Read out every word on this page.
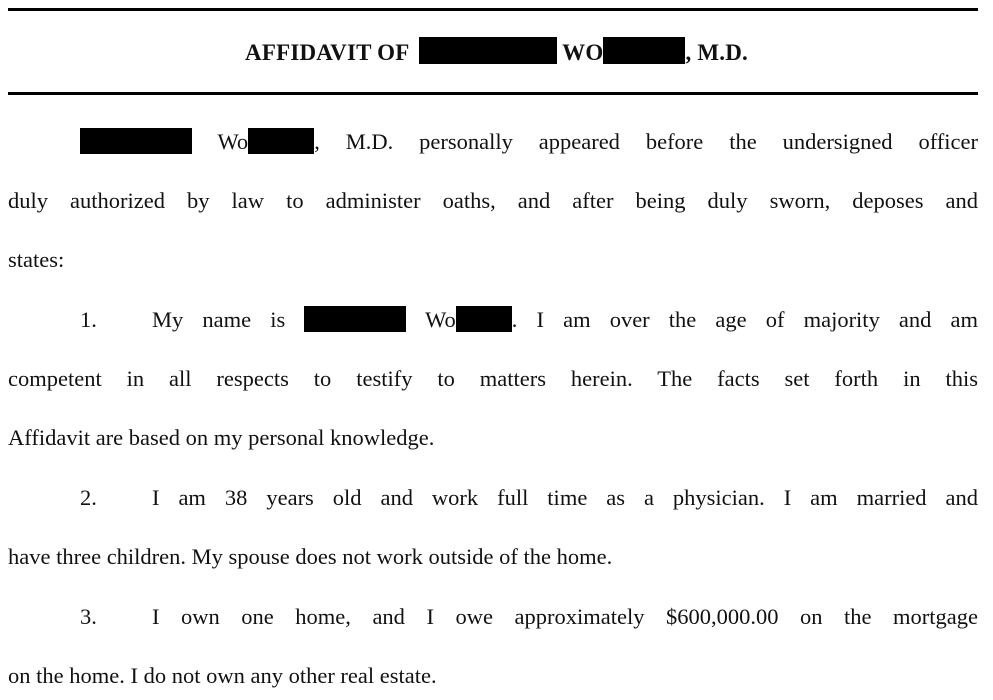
AFFIDAVIT OF	WO	, M.D.
Wo	, M.D. personally appeared before the undersigned officer
duly authorized by law to administer oaths, and after being duly sworn, deposes and
states:
1. My name is	Wo . I am over the age of majority and am
competent in all respects to testify to matters herein. The facts set forth in this
Affidavit are based on my personal knowledge.
2. I am 38 years old and work full time as a physician. I am married and
have three children. My spouse does not work outside of the home.
3. I own one home, and I owe approximately $600,000.00 on the mortgage
on the home. I do not own any other real estate.
